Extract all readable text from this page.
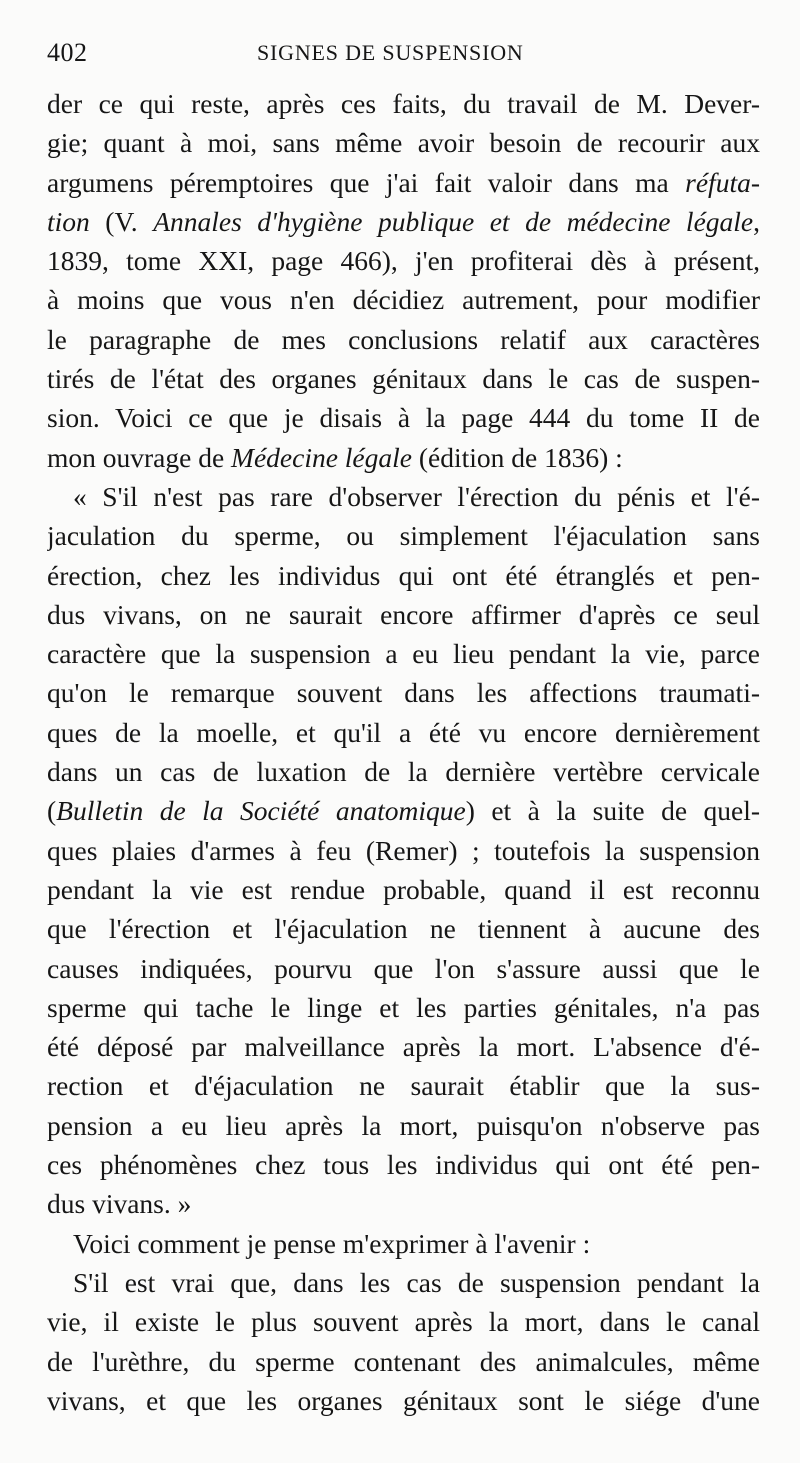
402	SIGNES DE SUSPENSION
der ce qui reste, après ces faits, du travail de M. Dever-
gie; quant à moi, sans même avoir besoin de recourir aux
argumens péremptoires que j'ai fait valoir dans ma réfuta-
tion (V. Annales d'hygiène publique et de médecine légale,
1839, tome XXI, page 466), j'en profiterai dès à présent,
à moins que vous n'en décidiez autrement, pour modifier
le paragraphe de mes conclusions relatif aux caractères
tirés de l'état des organes génitaux dans le cas de suspen-
sion. Voici ce que je disais à la page 444 du tome II de
mon ouvrage de Médecine légale (édition de 1836) :
« S'il n'est pas rare d'observer l'érection du pénis et l'é-
jaculation du sperme, ou simplement l'éjaculation sans
érection, chez les individus qui ont été étranglés et pen-
dus vivans, on ne saurait encore affirmer d'après ce seul
caractère que la suspension a eu lieu pendant la vie, parce
qu'on le remarque souvent dans les affections traumati-
ques de la moelle, et qu'il a été vu encore dernièrement
dans un cas de luxation de la dernière vertèbre cervicale
(Bulletin de la Société anatomique) et à la suite de quel-
ques plaies d'armes à feu (Remer) ; toutefois la suspension
pendant la vie est rendue probable, quand il est reconnu
que l'érection et l'éjaculation ne tiennent à aucune des
causes indiquées, pourvu que l'on s'assure aussi que le
sperme qui tache le linge et les parties génitales, n'a pas
été déposé par malveillance après la mort. L'absence d'é-
rection et d'éjaculation ne saurait établir que la sus-
pension a eu lieu après la mort, puisqu'on n'observe pas
ces phénomènes chez tous les individus qui ont été pen-
dus vivans. »
Voici comment je pense m'exprimer à l'avenir :
S'il est vrai que, dans les cas de suspension pendant la
vie, il existe le plus souvent après la mort, dans le canal
de l'urèthre, du sperme contenant des animalcules, même
vivans, et que les organes génitaux sont le siége d'une
